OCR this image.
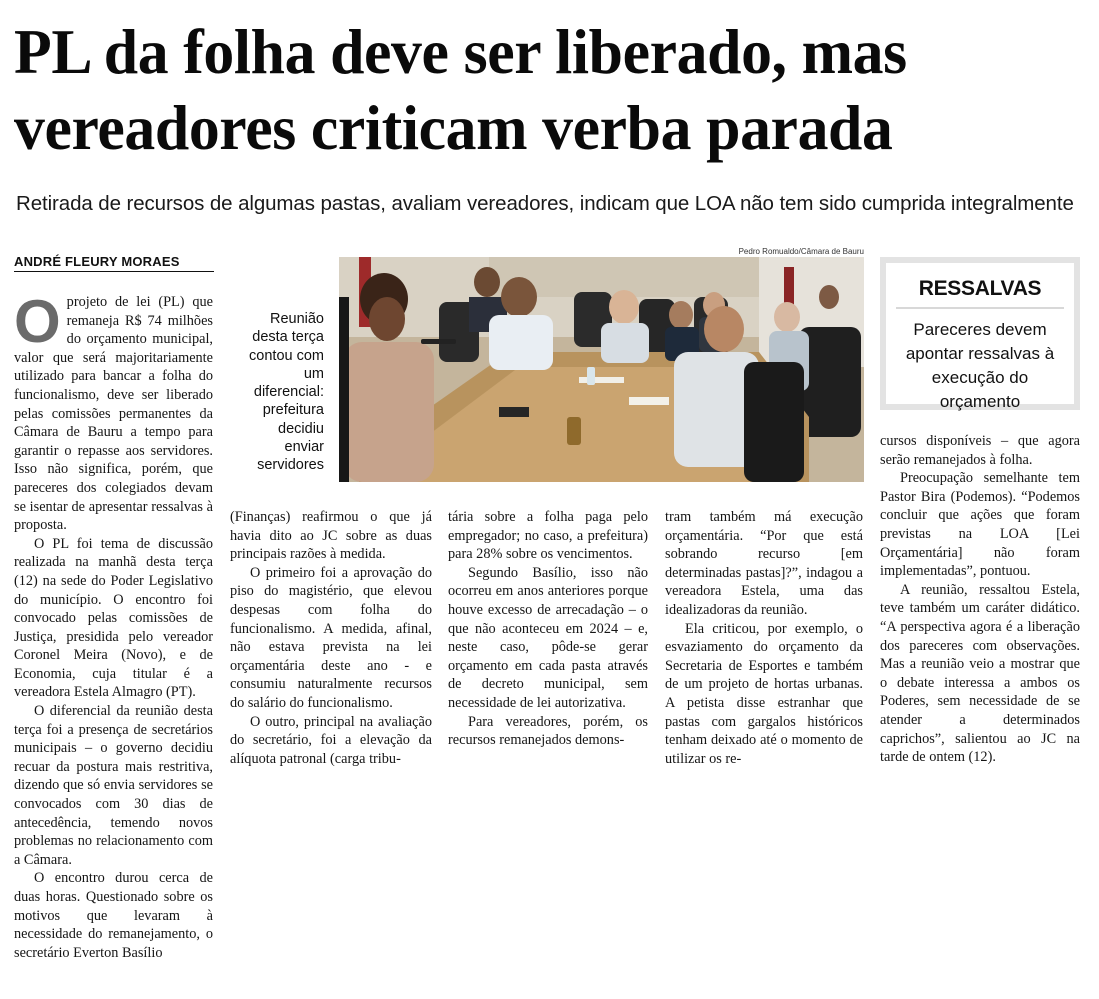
PL da folha deve ser liberado, mas
vereadores criticam verba parada
Retirada de recursos de algumas pastas, avaliam vereadores, indicam que LOA não tem sido cumprida integralmente
ANDRÉ FLEURY MORAES
Pedro Romualdo/Câmara de Bauru
Reunião desta terça contou com um diferencial: prefeitura decidiu enviar servidores
RESSALVAS
Pareceres devem apontar ressalvas à execução do orçamento

Oprojeto de lei (PL) que remaneja R$ 74 milhões do orçamento municipal, valor que será majoritariamente utilizado para bancar a folha do funcionalismo, deve ser liberado pelas comissões permanentes da Câmara de Bauru a tempo para garantir o repasse aos servidores. Isso não significa, porém, que pareceres dos colegiados devam se isentar de apresentar ressalvas à proposta.

O PL foi tema de discussão realizada na manhã desta terça (12) na sede do Poder Legislativo do município. O encontro foi convocado pelas comissões de Justiça, presidida pelo vereador Coronel Meira (Novo), e de Economia, cuja titular é a vereadora Estela Almagro (PT).

O diferencial da reunião desta terça foi a presença de secretários municipais – o governo decidiu recuar da postura mais restritiva, dizendo que só envia servidores se convocados com 30 dias de antecedência, temendo novos problemas no relacionamento com a Câmara.

O encontro durou cerca de duas horas. Questionado sobre os motivos que levaram à necessidade do remanejamento, o secretário Everton Basílio

(Finanças) reafirmou o que já havia dito ao JC sobre as duas principais razões à medida.

O primeiro foi a aprovação do piso do magistério, que elevou despesas com folha do funcionalismo. A medida, afinal, não estava prevista na lei orçamentária deste ano - e consumiu naturalmente recursos do salário do funcionalismo.

O outro, principal na avaliação do secretário, foi a elevação da alíquota patronal (carga tribu-

tária sobre a folha paga pelo empregador; no caso, a prefeitura) para 28% sobre os vencimentos.

Segundo Basílio, isso não ocorreu em anos anteriores porque houve excesso de arrecadação – o que não aconteceu em 2024 – e, neste caso, pôde-se gerar orçamento em cada pasta através de decreto municipal, sem necessidade de lei autorizativa.

Para vereadores, porém, os recursos remanejados demons-

tram também má execução orçamentária. “Por que está sobrando recurso [em determinadas pastas]?”, indagou a vereadora Estela, uma das idealizadoras da reunião.

Ela criticou, por exemplo, o esvaziamento do orçamento da Secretaria de Esportes e também de um projeto de hortas urbanas. A petista disse estranhar que pastas com gargalos históricos tenham deixado até o momento de utilizar os re-

cursos disponíveis – que agora serão remanejados à folha.

Preocupação semelhante tem Pastor Bira (Podemos). “Podemos concluir que ações que foram previstas na LOA [Lei Orçamentária] não foram implementadas”, pontuou.

A reunião, ressaltou Estela, teve também um caráter didático. “A perspectiva agora é a liberação dos pareceres com observações. Mas a reunião veio a mostrar que o debate interessa a ambos os Poderes, sem necessidade de se atender a determinados caprichos”, salientou ao JC na tarde de ontem (12).
